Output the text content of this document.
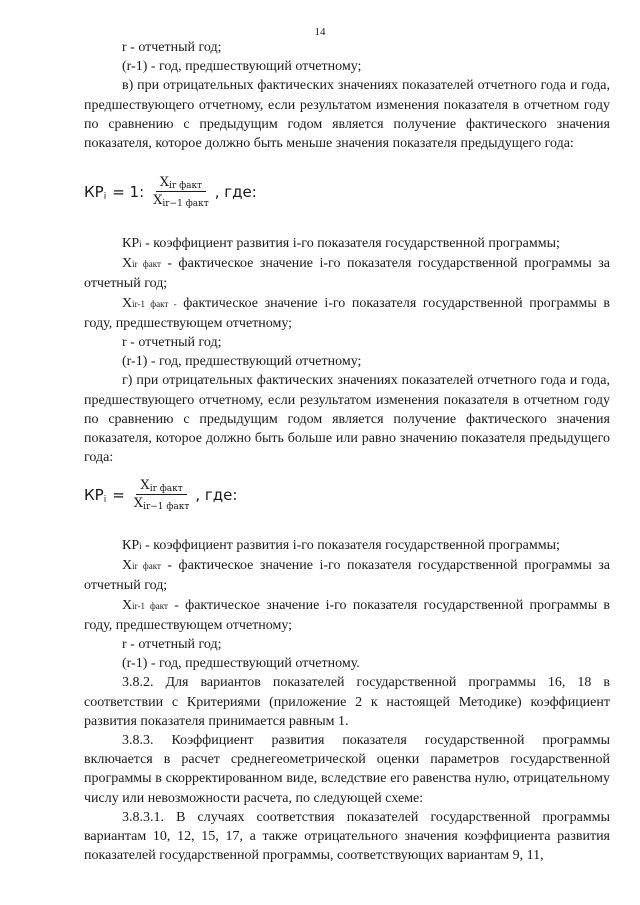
14

r - отчетный год;

(r-1) - год, предшествующий отчетному;

в) при отрицательных фактических значениях показателей отчетного года и года, предшествующего отчетному, если результатом изменения показателя в отчетном году по сравнению с предыдущим годом является получение фактического значения показателя, которое должно быть меньше значения показателя предыдущего года:

КРi = 1: $\frac{\text{Xir факт}}{\text{Xir−1 факт}}$ , где:

КРi - коэффициент развития i-го показателя государственной программы;

Xir факт - фактическое значение i-го показателя государственной программы за отчетный год;

Xir-1 факт - фактическое значение i-го показателя государственной программы в году, предшествующем отчетному;

r - отчетный год;

(r-1) - год, предшествующий отчетному;

г) при отрицательных фактических значениях показателей отчетного года и года, предшествующего отчетному, если результатом изменения показателя в отчетном году по сравнению с предыдущим годом является получение фактического значения показателя, которое должно быть больше или равно значению показателя предыдущего года:

КРi = $\frac{\text{Xir факт}}{\text{Xir−1 факт}}$ , где:

КРi - коэффициент развития i-го показателя государственной программы;

Xir факт - фактическое значение i-го показателя государственной программы за отчетный год;

Xir-1 факт - фактическое значение i-го показателя государственной программы в году, предшествующем отчетному;

r - отчетный год;

(r-1) - год, предшествующий отчетному.

3.8.2. Для вариантов показателей государственной программы 16, 18 в соответствии с Критериями (приложение 2 к настоящей Методике) коэффициент развития показателя принимается равным 1.

3.8.3. Коэффициент развития показателя государственной программы включается в расчет среднегеометрической оценки параметров государственной программы в скорректированном виде, вследствие его равенства нулю, отрицательному числу или невозможности расчета, по следующей схеме:

3.8.3.1. В случаях соответствия показателей государственной программы вариантам 10, 12, 15, 17, а также отрицательного значения коэффициента развития показателей государственной программы, соответствующих вариантам 9, 11,
